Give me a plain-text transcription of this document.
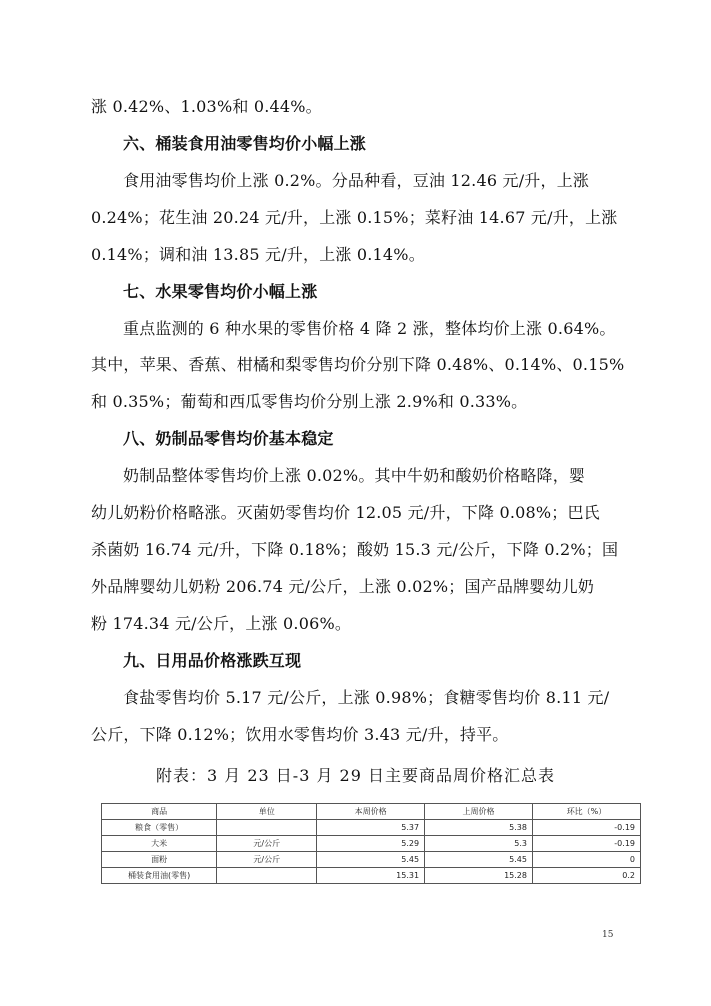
涨 0.42%、1.03%和 0.44%。
六、桶装食用油零售均价小幅上涨
食用油零售均价上涨 0.2%。分品种看，豆油 12.46 元/升，上涨
0.24%；花生油 20.24 元/升，上涨 0.15%；菜籽油 14.67 元/升，上涨
0.14%；调和油 13.85 元/升，上涨 0.14%。
七、水果零售均价小幅上涨
重点监测的 6 种水果的零售价格 4 降 2 涨，整体均价上涨 0.64%。
其中，苹果、香蕉、柑橘和梨零售均价分别下降 0.48%、0.14%、0.15%
和 0.35%；葡萄和西瓜零售均价分别上涨 2.9%和 0.33%。
八、奶制品零售均价基本稳定
奶制品整体零售均价上涨 0.02%。其中牛奶和酸奶价格略降，婴
幼儿奶粉价格略涨。灭菌奶零售均价 12.05 元/升，下降 0.08%；巴氏
杀菌奶 16.74 元/升，下降 0.18%；酸奶 15.3 元/公斤，下降 0.2%；国
外品牌婴幼儿奶粉 206.74 元/公斤，上涨 0.02%；国产品牌婴幼儿奶
粉 174.34 元/公斤，上涨 0.06%。
九、日用品价格涨跌互现
食盐零售均价 5.17 元/公斤，上涨 0.98%；食糖零售均价 8.11 元/
公斤，下降 0.12%；饮用水零售均价 3.43 元/升，持平。
附表：3 月 23 日-3 月 29 日主要商品周价格汇总表
商品	单位	本周价格	上周价格	环比（%）
粮食（零售）		5.37	5.38	-0.19
大米	元/公斤	5.29	5.3	-0.19
面粉	元/公斤	5.45	5.45	0
桶装食用油(零售)		15.31	15.28	0.2
15
